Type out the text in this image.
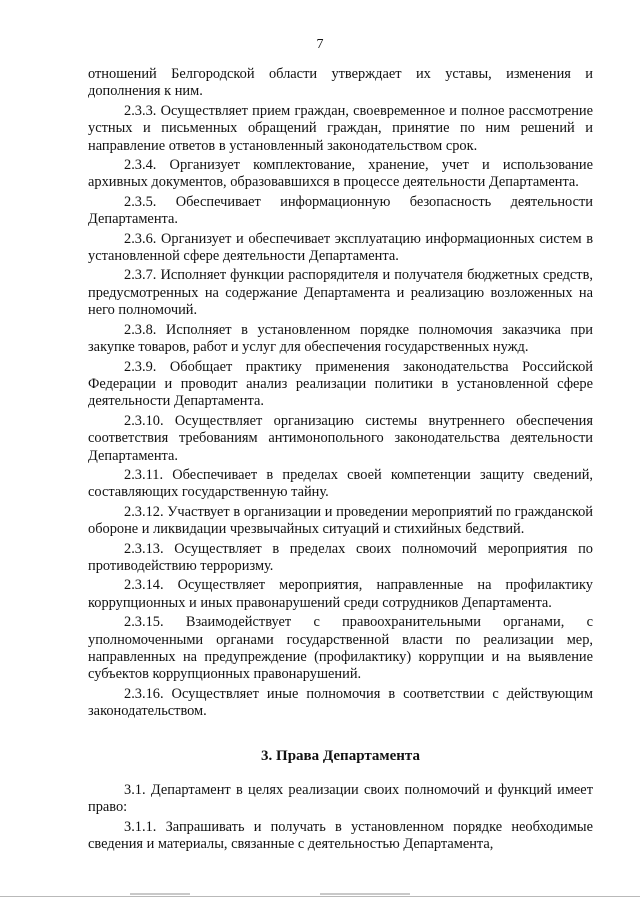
7

отношений Белгородской области утверждает их уставы, изменения и дополнения к ним.

2.3.3. Осуществляет прием граждан, своевременное и полное рассмотрение устных и письменных обращений граждан, принятие по ним решений и направление ответов в установленный законодательством срок.

2.3.4. Организует комплектование, хранение, учет и использование архивных документов, образовавшихся в процессе деятельности Департамента.

2.3.5. Обеспечивает информационную безопасность деятельности Департамента.

2.3.6. Организует и обеспечивает эксплуатацию информационных систем в установленной сфере деятельности Департамента.

2.3.7. Исполняет функции распорядителя и получателя бюджетных средств, предусмотренных на содержание Департамента и реализацию возложенных на него полномочий.

2.3.8. Исполняет в установленном порядке полномочия заказчика при закупке товаров, работ и услуг для обеспечения государственных нужд.

2.3.9. Обобщает практику применения законодательства Российской Федерации и проводит анализ реализации политики в установленной сфере деятельности Департамента.

2.3.10. Осуществляет организацию системы внутреннего обеспечения соответствия требованиям антимонопольного законодательства деятельности Департамента.

2.3.11. Обеспечивает в пределах своей компетенции защиту сведений, составляющих государственную тайну.

2.3.12. Участвует в организации и проведении мероприятий по гражданской обороне и ликвидации чрезвычайных ситуаций и стихийных бедствий.

2.3.13. Осуществляет в пределах своих полномочий мероприятия по противодействию терроризму.

2.3.14. Осуществляет мероприятия, направленные на профилактику коррупционных и иных правонарушений среди сотрудников Департамента.

2.3.15. Взаимодействует с правоохранительными органами, с уполномоченными органами государственной власти по реализации мер, направленных на предупреждение (профилактику) коррупции и на выявление субъектов коррупционных правонарушений.

2.3.16. Осуществляет иные полномочия в соответствии с действующим законодательством.

3. Права Департамента

3.1. Департамент в целях реализации своих полномочий и функций имеет право:

3.1.1. Запрашивать и получать в установленном порядке необходимые сведения и материалы, связанные с деятельностью Департамента,
